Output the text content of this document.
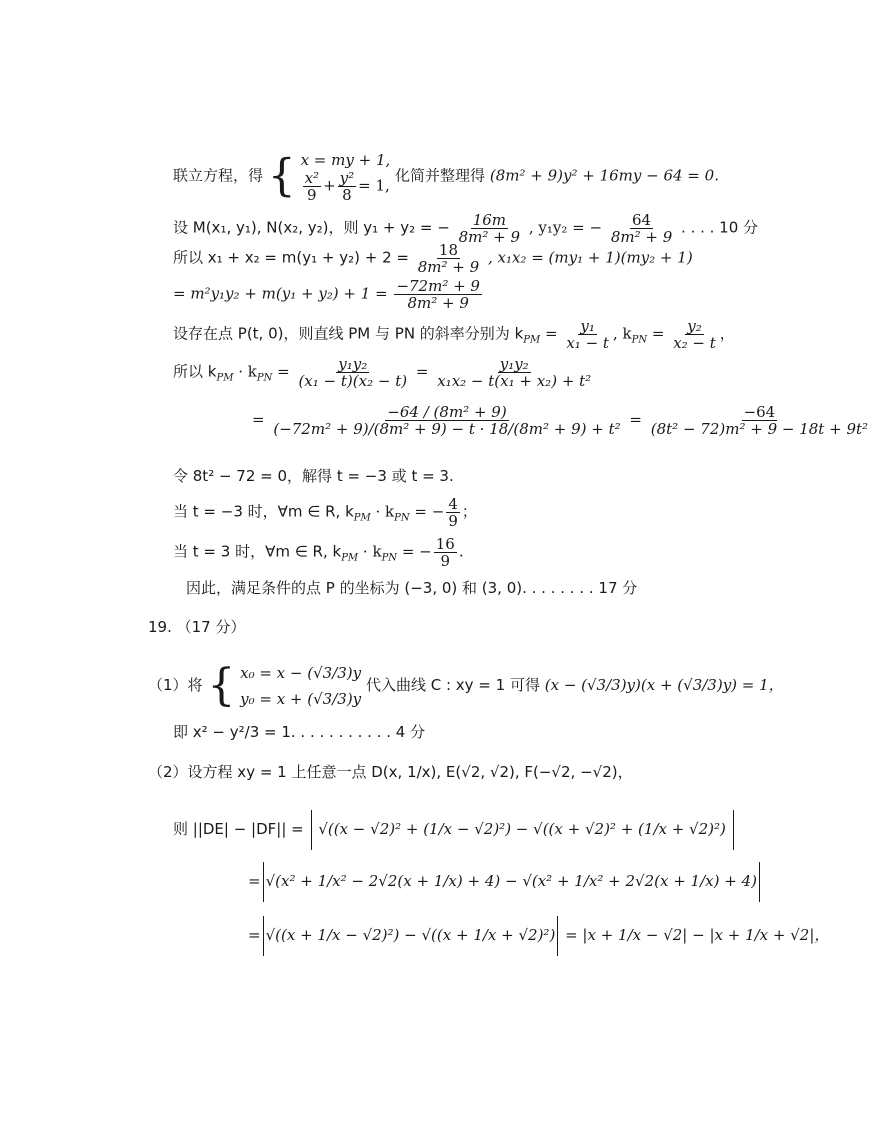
联立方程，得 { x = my + 1,
$\frac{\text{x²}}{9} + \frac{\text{y²}}{8} = 1$,
化简并整理得 (8m² + 9)y² + 16my − 64 = 0.
设 M(x₁, y₁), N(x₂, y₂)，则 y₁ + y₂ = − $\frac{16m}{\text{8m² + 9}}$ , y₁y₂ = − $\frac{64}{\text{8m² + 9}}$ . . . . 10 分
所以 $x_1 + x_2 = m(y_1 + y_2) + 2 = \frac{18}{\text{8m² + 9}}$ , x₁x₂ = (my₁ + 1)(my₂ + 1)
= $m^2y_1y_2 + m(y_1 + y_2) + 1 = \frac{\text{−72m² + 9}}{\text{8m² + 9}}$
设存在点 P(t, 0)，则直线 PM 与 PN 的斜率分别为 $k_{PM} = \frac{\text{y₁}}{\text{x₁ − t}}$ , $k_{PN} = \frac{\text{y₂}}{\text{x₂ − t}}$ ，
所以 $k_{PM} \cdot k_{PN} = \frac{\text{y₁y₂}}{\text{(x₁ − t)(x₂ − t)}} = \frac{\text{y₁y₂}}{\text{x₁x₂ − t(x₁ + x₂) + t²}}$
= $\frac{\text{−64 / (8m² + 9)}}{\text{(−72m² + 9)/(8m² + 9) − t · 18/(8m² + 9) + t²}} = \frac{-64}{\text{(8t² − 72)m² + 9 − 18t + 9t²}}$
令 8t² − 72 = 0，解得 t = −3 或 t = 3.
当 t = −3 时，∀m ∈ R, $k_{PM} \cdot k_{PN}$ = − $\frac{4}{9}$ ；
当 t = 3 时，∀m ∈ R, $k_{PM} \cdot k_{PN}$ = − $\frac{16}{9}$ .
因此，满足条件的点 P 的坐标为 (−3, 0) 和 (3, 0). . . . . . . . 17 分
19. （17 分）
（1）将 { x₀ = x − (√3/3)y
y₀ = x + (√3/3)y
代入曲线 C : xy = 1 可得 (x − (√3/3)y)(x + (√3/3)y) = 1，
即 x² − y²/3 = 1. . . . . . . . . . . 4 分
（2）设方程 xy = 1 上任意一点 D(x, 1/x), E(√2, √2), F(−√2, −√2)，
则 ||DE| − |DF|| = √((x − √2)² + (1/x − √2)²) − √((x + √2)² + (1/x + √2)²)
= √(x² + 1/x² − 2√2(x + 1/x) + 4) − √(x² + 1/x² + 2√2(x + 1/x) + 4)
= √((x + 1/x − √2)²) − √((x + 1/x + √2)²) = |x + 1/x − √2| − |x + 1/x + √2|，
